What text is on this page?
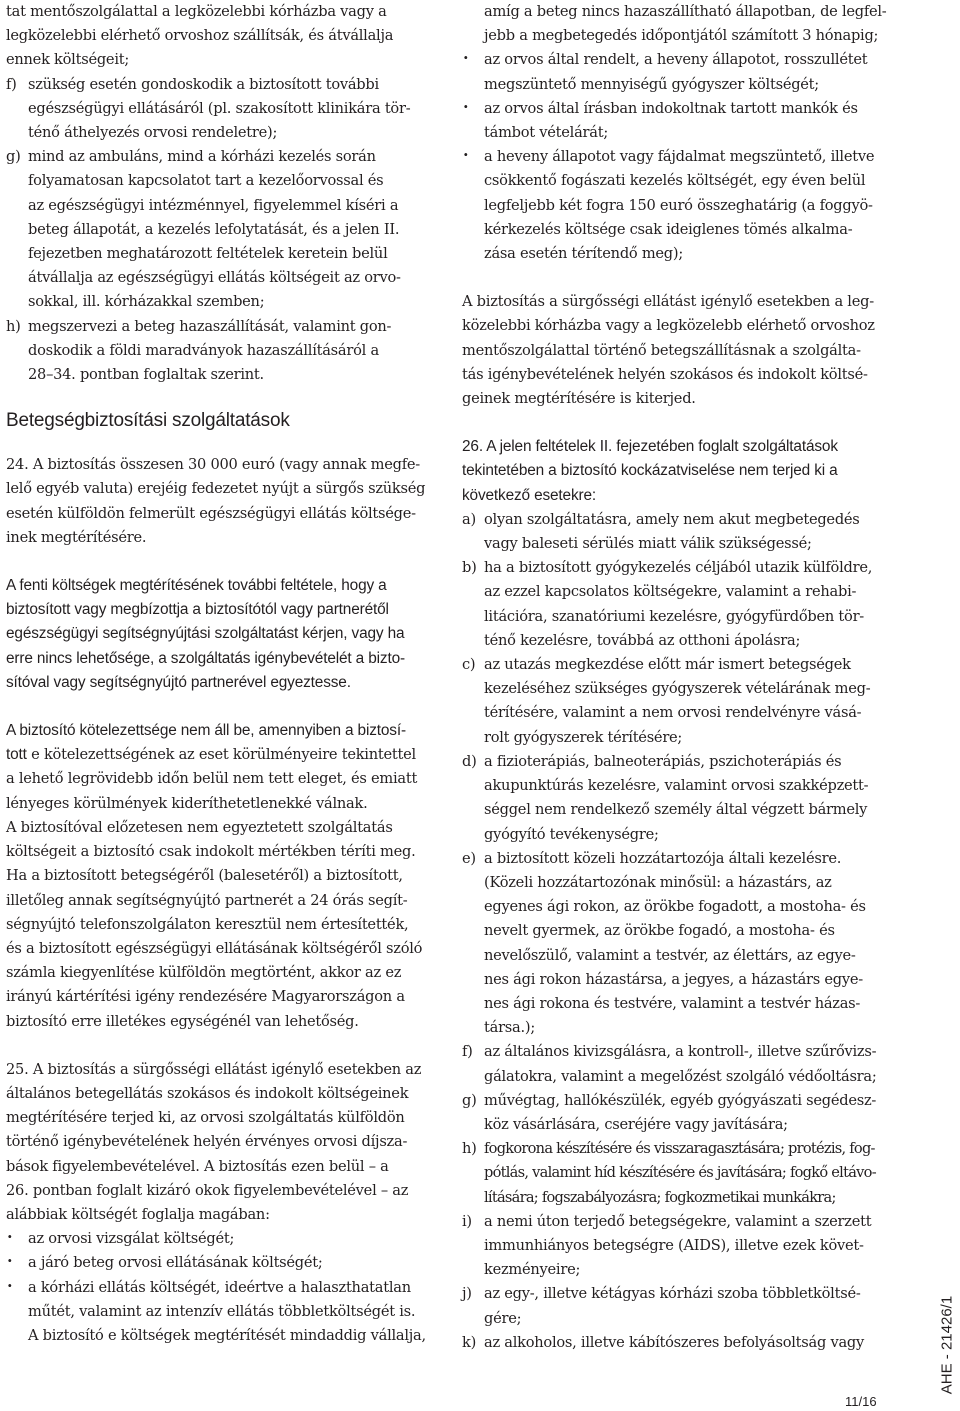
tat mentőszolgálattal a legközelebbi kórházba vagy a

legközelebbi elérhető orvoshoz szállítsák, és átvállalja

ennek költségeit;

f) szükség esetén gondoskodik a biztosított további

egészségügyi ellátásáról (pl. szakosított klinikára tör-

ténő áthelyezés orvosi rendeletre);

g) mind az ambuláns, mind a kórházi kezelés során

folyamatosan kapcsolatot tart a kezelőorvossal és

az egészségügyi intézménnyel, figyelemmel kíséri a

beteg állapotát, a kezelés lefolytatását, és a jelen II.

fejezetben meghatározott feltételek keretein belül

átvállalja az egészségügyi ellátás költségeit az orvo-

sokkal, ill. kórházakkal szemben;

h) megszervezi a beteg hazaszállítását, valamint gon-

doskodik a földi maradványok hazaszállításáról a

28–34. pontban foglaltak szerint.

Betegségbiztosítási szolgáltatások

24. A biztosítás összesen 30 000 euró (vagy annak megfe-

lelő egyéb valuta) erejéig fedezetet nyújt a sürgős szükség

esetén külföldön felmerült egészségügyi ellátás költsége-

inek megtérítésére.

A fenti költségek megtérítésének további feltétele, hogy a

biztosított vagy megbízottja a biztosítótól vagy partnerétől

egészségügyi segítségnyújtási szolgáltatást kérjen, vagy ha

erre nincs lehetősége, a szolgáltatás igénybevételét a bizto-

sítóval vagy segítségnyújtó partnerével egyeztesse.

A biztosító kötelezettsége nem áll be, amennyiben a biztosí-

tott e kötelezettségének az eset körülményeire tekintettel

a lehető legrövidebb időn belül nem tett eleget, és emiatt

lényeges körülmények kideríthetetlenekké válnak.

A biztosítóval előzetesen nem egyeztetett szolgáltatás

költségeit a biztosító csak indokolt mértékben téríti meg.

Ha a biztosított betegségéről (balesetéről) a biztosított,

illetőleg annak segítségnyújtó partnerét a 24 órás segít-

ségnyújtó telefonszolgálaton keresztül nem értesítették,

és a biztosított egészségügyi ellátásának költségéről szóló

számla kiegyenlítése külföldön megtörtént, akkor az ez

irányú kártérítési igény rendezésére Magyarországon a

biztosító erre illetékes egységénél van lehetőség.

25. A biztosítás a sürgősségi ellátást igénylő esetekben az

általános betegellátás szokásos és indokolt költségeinek

megtérítésére terjed ki, az orvosi szolgáltatás külföldön

történő igénybevételének helyén érvényes orvosi díjsza-

bások figyelembevételével. A biztosítás ezen belül – a

26. pontban foglalt kizáró okok figyelembevételével – az

alábbiak költségét foglalja magában:

· az orvosi vizsgálat költségét;

· a járó beteg orvosi ellátásának költségét;

· a kórházi ellátás költségét, ideértve a halaszthatatlan

műtét, valamint az intenzív ellátás többletköltségét is.

A biztosító e költségek megtérítését mindaddig vállalja,

amíg a beteg nincs hazaszállítható állapotban, de legfel-

jebb a megbetegedés időpontjától számított 3 hónapig;

· az orvos által rendelt, a heveny állapotot, rosszullétet

megszüntető mennyiségű gyógyszer költségét;

· az orvos által írásban indokoltnak tartott mankók és

támbot vételárát;

· a heveny állapotot vagy fájdalmat megszüntető, illetve

csökkentő fogászati kezelés költségét, egy éven belül

legfeljebb két fogra 150 euró összeghatárig (a foggyö-

kérkezelés költsége csak ideiglenes tömés alkalma-

zása esetén térítendő meg);

A biztosítás a sürgősségi ellátást igénylő esetekben a leg-

közelebbi kórházba vagy a legközelebb elérhető orvoshoz

mentőszolgálattal történő betegszállításnak a szolgálta-

tás igénybevételének helyén szokásos és indokolt költsé-

geinek megtérítésére is kiterjed.

26. A jelen feltételek II. fejezetében foglalt szolgáltatások

tekintetében a biztosító kockázatviselése nem terjed ki a

következő esetekre:

a) olyan szolgáltatásra, amely nem akut megbetegedés

vagy baleseti sérülés miatt válik szükségessé;

b) ha a biztosított gyógykezelés céljából utazik külföldre,

az ezzel kapcsolatos költségekre, valamint a rehabi-

litációra, szanatóriumi kezelésre, gyógyfürdőben tör-

ténő kezelésre, továbbá az otthoni ápolásra;

c) az utazás megkezdése előtt már ismert betegségek

kezeléséhez szükséges gyógyszerek vételárának meg-

térítésére, valamint a nem orvosi rendelvényre vásá-

rolt gyógyszerek térítésére;

d) a fizioterápiás, balneoterápiás, pszichoterápiás és

akupunktúrás kezelésre, valamint orvosi szakképzett-

séggel nem rendelkező személy által végzett bármely

gyógyító tevékenységre;

e) a biztosított közeli hozzátartozója általi kezelésre.

(Közeli hozzátartozónak minősül: a házastárs, az

egyenes ági rokon, az örökbe fogadott, a mostoha- és

nevelt gyermek, az örökbe fogadó, a mostoha- és

nevelőszülő, valamint a testvér, az élettárs, az egye-

nes ági rokon házastársa, a jegyes, a házastárs egye-

nes ági rokona és testvére, valamint a testvér házas-

társa.);

f) az általános kivizsgálásra, a kontroll-, illetve szűrővizs-

gálatokra, valamint a megelőzést szolgáló védőoltásra;

g) művégtag, hallókészülék, egyéb gyógyászati segédesz-

köz vásárlására, cseréjére vagy javítására;

h) fogkorona készítésére és visszaragasztására; protézis, fog-

pótlás, valamint híd készítésére és javítására; fogkő eltávo-

lítására; fogszabályozásra; fogkozmetikai munkákra;

i) a nemi úton terjedő betegségekre, valamint a szerzett

immunhiányos betegségre (AIDS), illetve ezek követ-

kezményeire;

j) az egy-, illetve kétágyas kórházi szoba többletköltsé-

gére;

k) az alkoholos, illetve kábítószeres befolyásoltság vagy	AHE - 21426/1
11/16
